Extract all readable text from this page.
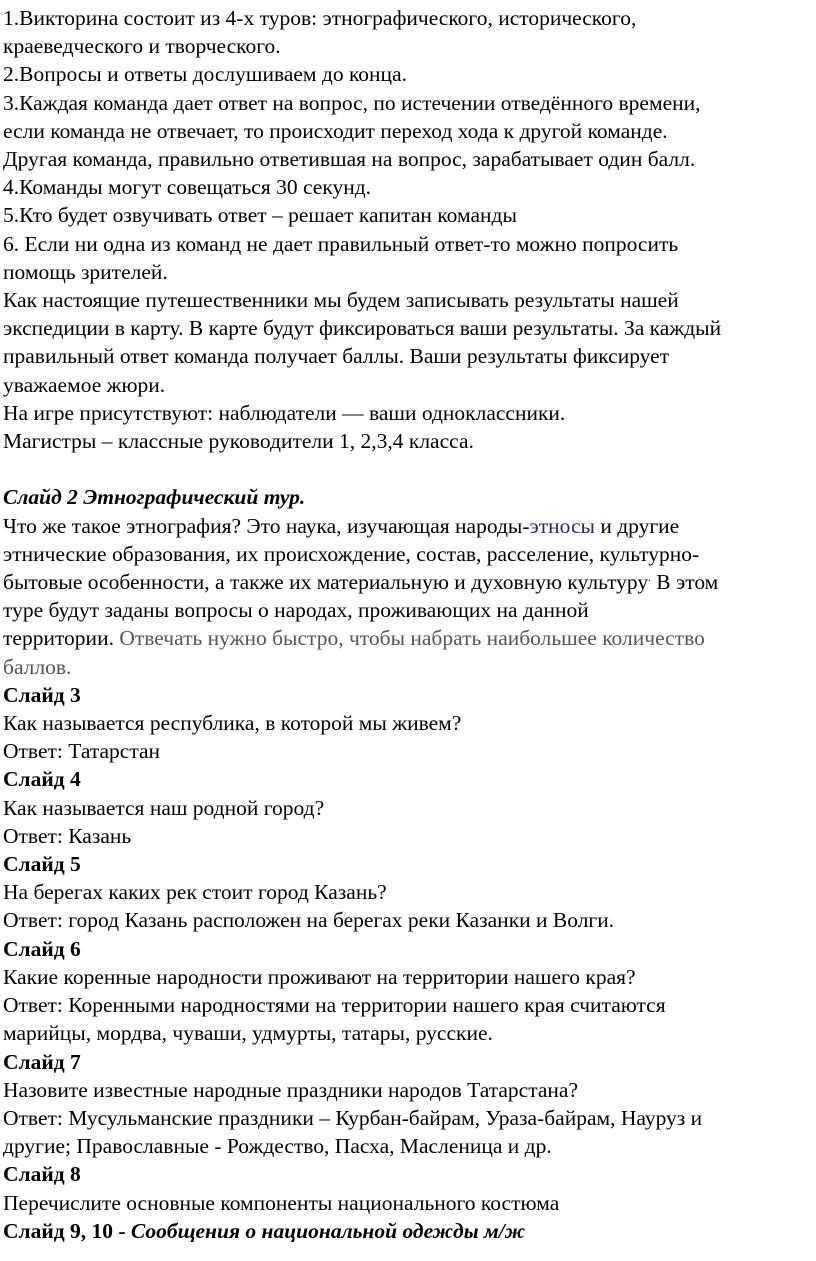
1.Викторина состоит из 4-х туров: этнографического, исторического,
краеведческого и творческого.
2.Вопросы и ответы дослушиваем до конца.
3.Каждая команда дает ответ на вопрос, по истечении отведённого времени,
если команда не отвечает, то происходит переход хода к другой команде.
Другая команда, правильно ответившая на вопрос, зарабатывает один балл.
4.Команды могут совещаться 30 секунд.
5.Кто будет озвучивать ответ – решает капитан команды
6. Если ни одна из команд не дает правильный ответ-то можно попросить
помощь зрителей.
Как настоящие путешественники мы будем записывать результаты нашей
экспедиции в карту. В карте будут фиксироваться ваши результаты. За каждый
правильный ответ команда получает баллы. Ваши результаты фиксирует
уважаемое жюри.
На игре присутствуют: наблюдатели — ваши одноклассники.
Магистры – классные руководители 1, 2,3,4 класса.
Слайд 2 Этнографический тур.
Что же такое этнография? Это наука, изучающая народы-этносы и другие
этнические образования, их происхождение, состав, расселение, культурно-
бытовые особенности, а также их материальную и духовную культуру. В этом
туре будут заданы вопросы о народах, проживающих на данной
территории. Отвечать нужно быстро, чтобы набрать наибольшее количество
баллов.
Слайд 3
Как называется республика, в которой мы живем?
Ответ: Татарстан
Слайд 4
Как называется наш родной город?
Ответ: Казань
Слайд 5
На берегах каких рек стоит город Казань?
Ответ: город Казань расположен на берегах реки Казанки и Волги.
Слайд 6
Какие коренные народности проживают на территории нашего края?
Ответ: Коренными народностями на территории нашего края считаются
марийцы, мордва, чуваши, удмурты, татары, русские.
Слайд 7
Назовите известные народные праздники народов Татарстана?
Ответ: Мусульманские праздники – Курбан-байрам, Ураза-байрам, Науруз и
другие; Православные - Рождество, Пасха, Масленица и др.
Слайд 8
Перечислите основные компоненты национального костюма
Слайд 9, 10 - Сообщения о национальной одежды м/ж
